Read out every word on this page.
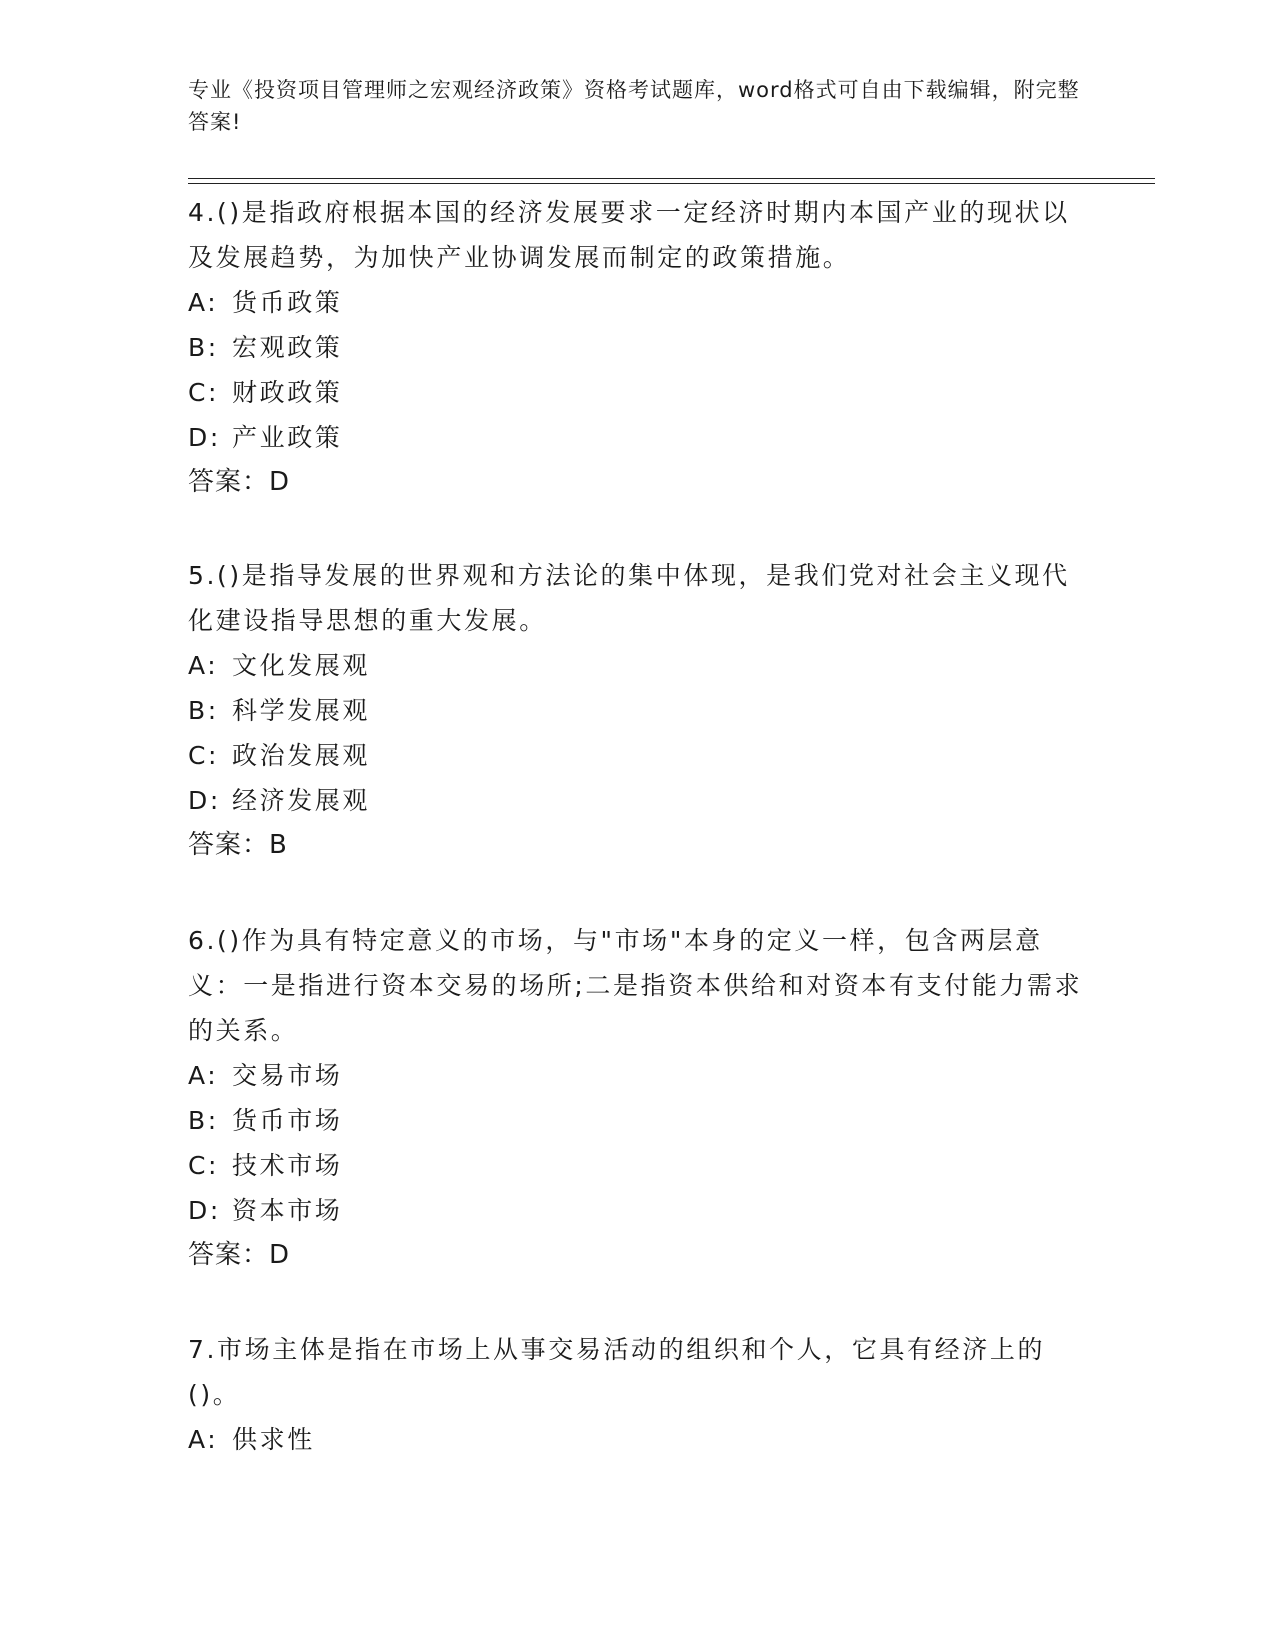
专业《投资项目管理师之宏观经济政策》资格考试题库，word格式可自由下载编辑，附完整答案!

4.()是指政府根据本国的经济发展要求一定经济时期内本国产业的现状以及发展趋势，为加快产业协调发展而制定的政策措施。

A: 货币政策

B: 宏观政策

C: 财政政策

D: 产业政策

答案：D

5.()是指导发展的世界观和方法论的集中体现，是我们党对社会主义现代化建设指导思想的重大发展。

A: 文化发展观

B: 科学发展观

C: 政治发展观

D: 经济发展观

答案：B

6.()作为具有特定意义的市场，与"市场"本身的定义一样，包含两层意义：一是指进行资本交易的场所;二是指资本供给和对资本有支付能力需求的关系。

A: 交易市场

B: 货币市场

C: 技术市场

D: 资本市场

答案：D

7.市场主体是指在市场上从事交易活动的组织和个人，它具有经济上的()。

A: 供求性
